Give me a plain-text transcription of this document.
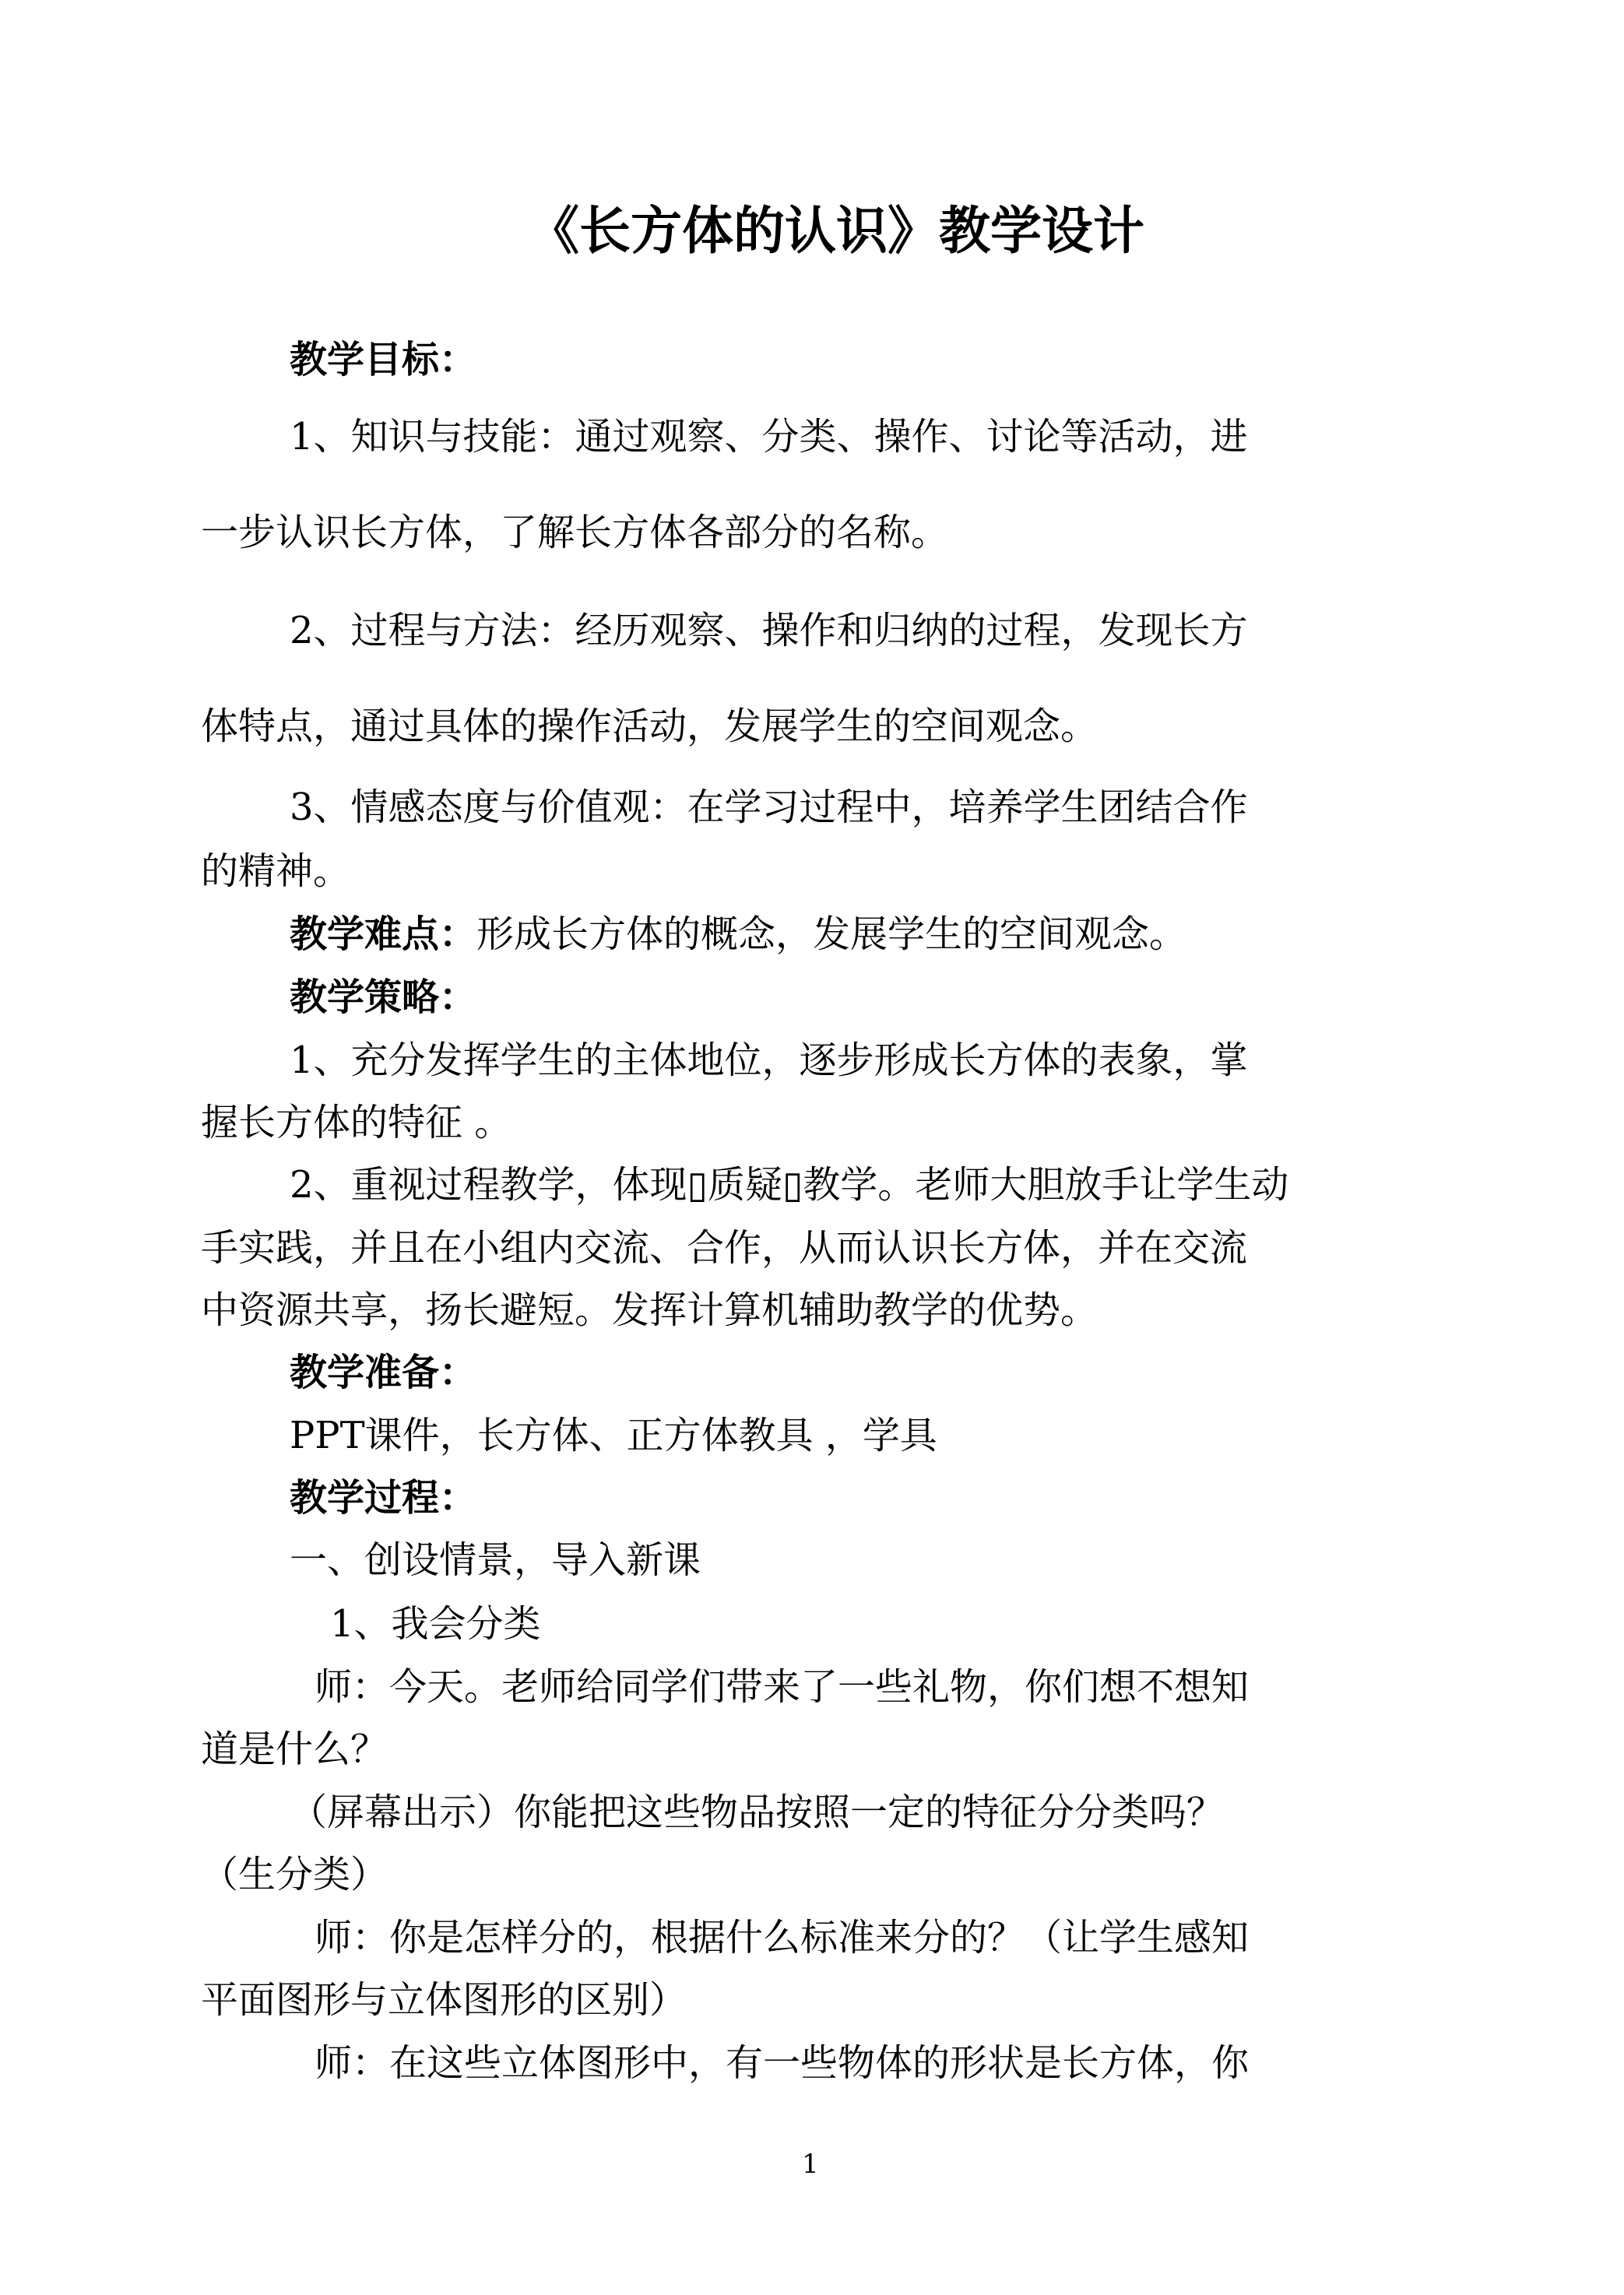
《长方体的认识》教学设计
教学目标：
1、知识与技能：通过观察、分类、操作、讨论等活动，进
一步认识长方体，了解长方体各部分的名称。
2、过程与方法：经历观察、操作和归纳的过程，发现长方
体特点，通过具体的操作活动，发展学生的空间观念。
3、情感态度与价值观：在学习过程中，培养学生团结合作
的精神。
教学难点：形成长方体的概念，发展学生的空间观念。
教学策略：
1、充分发挥学生的主体地位，逐步形成长方体的表象，掌
握长方体的特征 。
2、重视过程教学，体现▯质疑▯教学。老师大胆放手让学生动
手实践，并且在小组内交流、合作，从而认识长方体，并在交流
中资源共享，扬长避短。发挥计算机辅助教学的优势。
教学准备：
PPT课件，长方体、正方体教具 ，学具
教学过程：
一、创设情景，导入新课
1、我会分类
师：今天。老师给同学们带来了一些礼物，你们想不想知
道是什么？
（屏幕出示）你能把这些物品按照一定的特征分分类吗？
（生分类）
师：你是怎样分的，根据什么标准来分的？（让学生感知
平面图形与立体图形的区别）
师：在这些立体图形中，有一些物体的形状是长方体，你
1
